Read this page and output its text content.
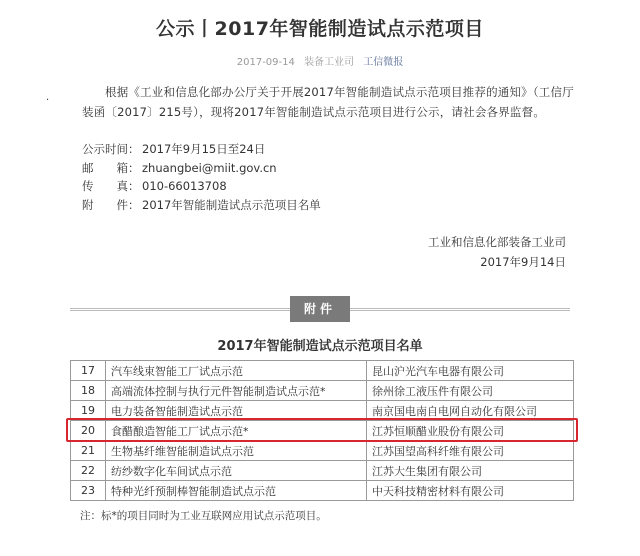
公示丨2017年智能制造试点示范项目
2017-09-14 装备工业司 工信微报
.	根据《工业和信息化部办公厅关于开展2017年智能制造试点示范项目推荐的通知》（工信厅装函〔2017〕215号），现将2017年智能制造试点示范项目进行公示，请社会各界监督。
公示时间： 2017年9月15日至24日
邮　　箱： zhuangbei@miit.gov.cn
传　　真： 010-66013708
附　　件： 2017年智能制造试点示范项目名单
工业和信息化部装备工业司
2017年9月14日
附件
2017年智能制造试点示范项目名单
17	汽车线束智能工厂试点示范	昆山沪光汽车电器有限公司
18	高端流体控制与执行元件智能制造试点示范*	徐州徐工液压件有限公司
19	电力装备智能制造试点示范	南京国电南自电网自动化有限公司
20	食醋酿造智能工厂试点示范*	江苏恒顺醋业股份有限公司
21	生物基纤维智能制造试点示范	江苏国望高科纤维有限公司
22	纺纱数字化车间试点示范	江苏大生集团有限公司
23	特种光纤预制棒智能制造试点示范	中天科技精密材料有限公司
注：标*的项目同时为工业互联网应用试点示范项目。
